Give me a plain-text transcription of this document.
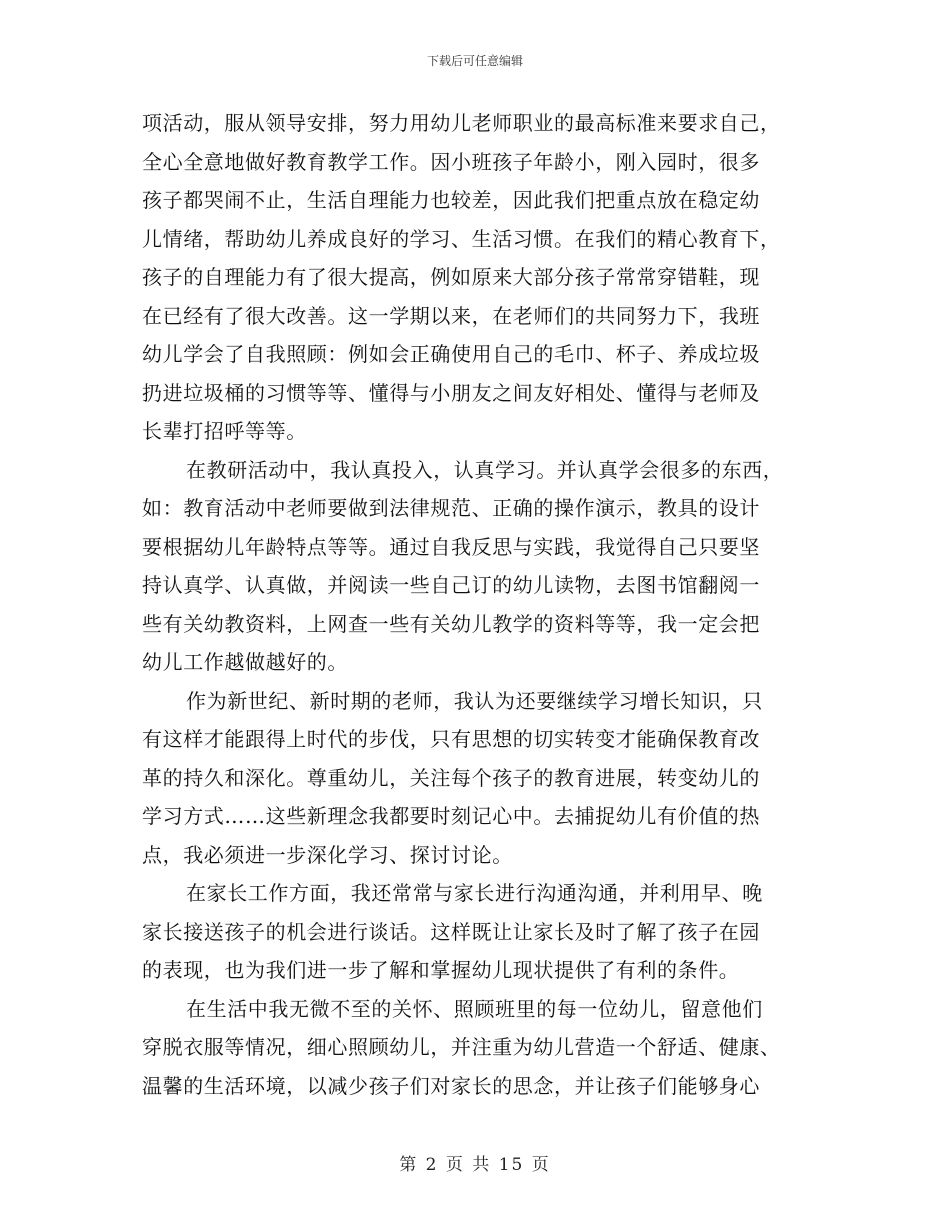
下载后可任意编辑
项活动，服从领导安排，努力用幼儿老师职业的最高标准来要求自己，
全心全意地做好教育教学工作。因小班孩子年龄小，刚入园时，很多
孩子都哭闹不止，生活自理能力也较差，因此我们把重点放在稳定幼
儿情绪，帮助幼儿养成良好的学习、生活习惯。在我们的精心教育下，
孩子的自理能力有了很大提高，例如原来大部分孩子常常穿错鞋，现
在已经有了很大改善。这一学期以来，在老师们的共同努力下，我班
幼儿学会了自我照顾：例如会正确使用自己的毛巾、杯子、养成垃圾
扔进垃圾桶的习惯等等、懂得与小朋友之间友好相处、懂得与老师及
长辈打招呼等等。
在教研活动中，我认真投入，认真学习。并认真学会很多的东西，
如：教育活动中老师要做到法律规范、正确的操作演示，教具的设计
要根据幼儿年龄特点等等。通过自我反思与实践，我觉得自己只要坚
持认真学、认真做，并阅读一些自己订的幼儿读物，去图书馆翻阅一
些有关幼教资料，上网查一些有关幼儿教学的资料等等，我一定会把
幼儿工作越做越好的。
作为新世纪、新时期的老师，我认为还要继续学习增长知识，只
有这样才能跟得上时代的步伐，只有思想的切实转变才能确保教育改
革的持久和深化。尊重幼儿，关注每个孩子的教育进展，转变幼儿的
学习方式……这些新理念我都要时刻记心中。去捕捉幼儿有价值的热
点，我必须进一步深化学习、探讨讨论。
在家长工作方面，我还常常与家长进行沟通沟通，并利用早、晚
家长接送孩子的机会进行谈话。这样既让让家长及时了解了孩子在园
的表现，也为我们进一步了解和掌握幼儿现状提供了有利的条件。
在生活中我无微不至的关怀、照顾班里的每一位幼儿，留意他们
穿脱衣服等情况，细心照顾幼儿，并注重为幼儿营造一个舒适、健康、
温馨的生活环境，以减少孩子们对家长的思念，并让孩子们能够身心
第 2 页 共 15 页
